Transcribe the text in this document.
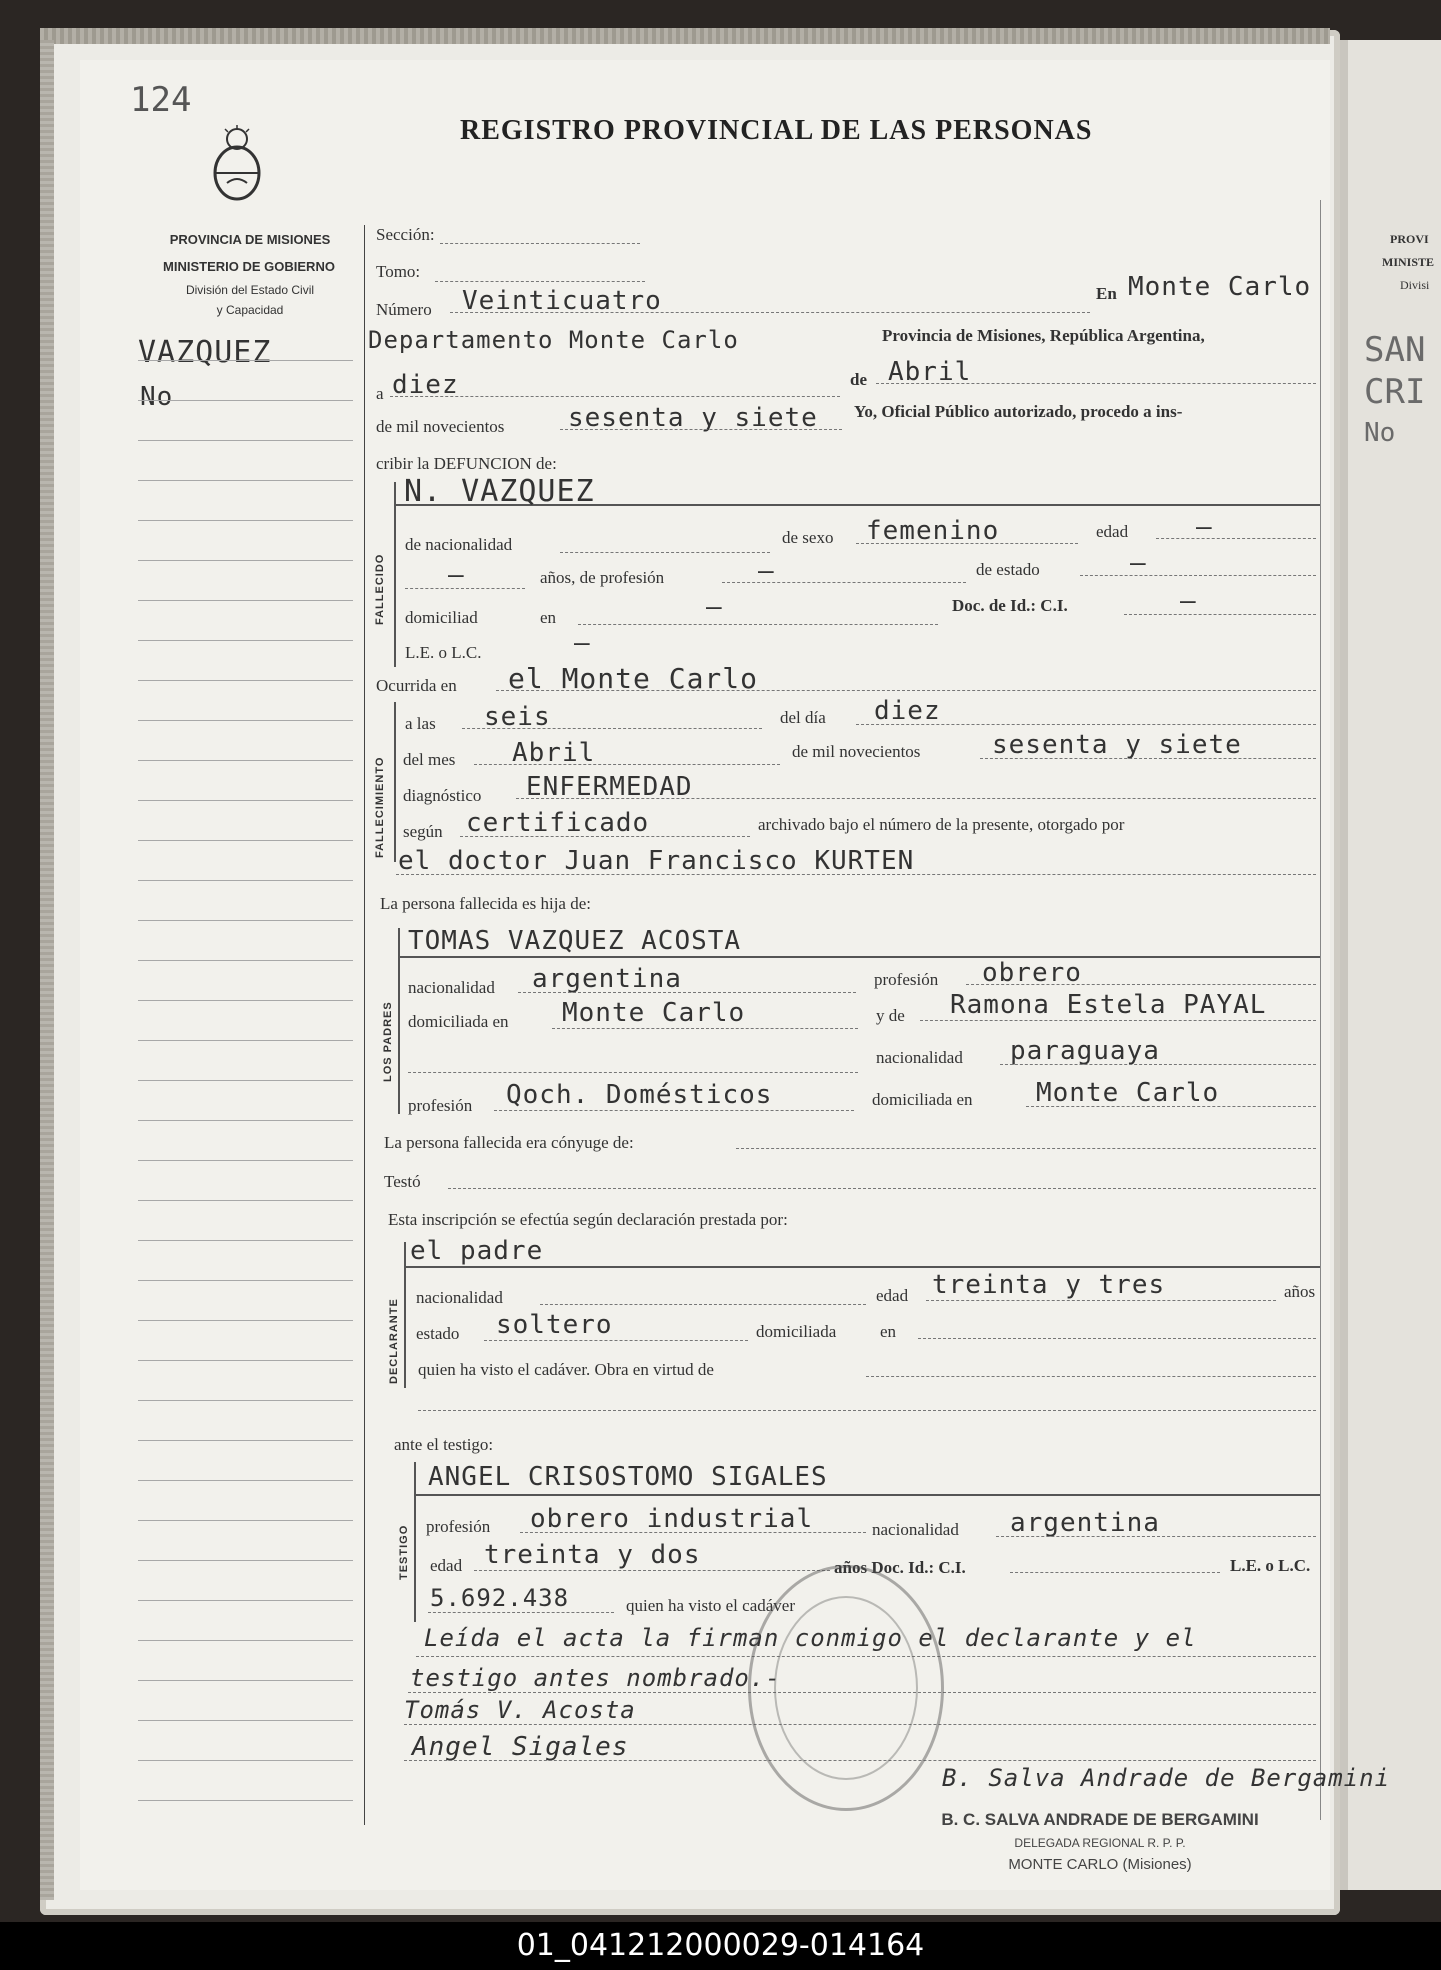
PROVI
MINISTE
Divisi
SAN
CRI
No
124
REGISTRO PROVINCIAL DE LAS PERSONAS
PROVINCIA DE MISIONES
MINISTERIO DE GOBIERNO
División del Estado Civil
y Capacidad
VAZQUEZ
No
Sección:
Tomo:
Número Veinticuatro	En Monte Carlo
Departamento Monte Carlo	Provincia de Misiones, República Argentina,
a diez	de Abril
de mil novecientos sesenta y siete Yo, Oficial Público autorizado, procedo a ins-
cribir la DEFUNCION de:
FALLECIDO
N. VAZQUEZ
de nacionalidad	de sexo femenino	edad	—
—	años, de profesión	—	de estado	—
domiciliad	en	—	Doc. de Id.: C.I.	—
L.E. o L.C.	—
Ocurrida en el Monte Carlo
FALLECIMIENTO
a las seis	del día diez
del mes Abril	de mil novecientos	sesenta y siete
diagnóstico ENFERMEDAD
según certificado	archivado bajo el número de la presente, otorgado por
el doctor Juan Francisco KURTEN
La persona fallecida es hija de:
LOS PADRES
TOMAS VAZQUEZ ACOSTA
nacionalidad argentina	profesión obrero
domiciliada en Monte Carlo	y de Ramona Estela PAYAL
nacionalidad paraguaya
profesión Qoch. Domésticos	domiciliada en Monte Carlo
La persona fallecida era cónyuge de:
Testó
Esta inscripción se efectúa según declaración prestada por:
DECLARANTE
el padre
nacionalidad	edad treinta y tres	años
estado soltero	domiciliada	en
quien ha visto el cadáver. Obra en virtud de
ante el testigo:
TESTIGO
ANGEL CRISOSTOMO SIGALES
profesión obrero industrial	nacionalidad argentina
edad treinta y dos	años Doc. Id.: C.I.	L.E. o L.C.
5.692.438	quien ha visto el cadáver
Leída el acta la firman conmigo el declarante y el
testigo antes nombrado.-
Tomás V. Acosta
Angel Sigales
B. Salva Andrade de Bergamini
B. C. SALVA ANDRADE DE BERGAMINI
DELEGADA REGIONAL R. P. P.
MONTE CARLO (Misiones)
01_041212000029-014164
